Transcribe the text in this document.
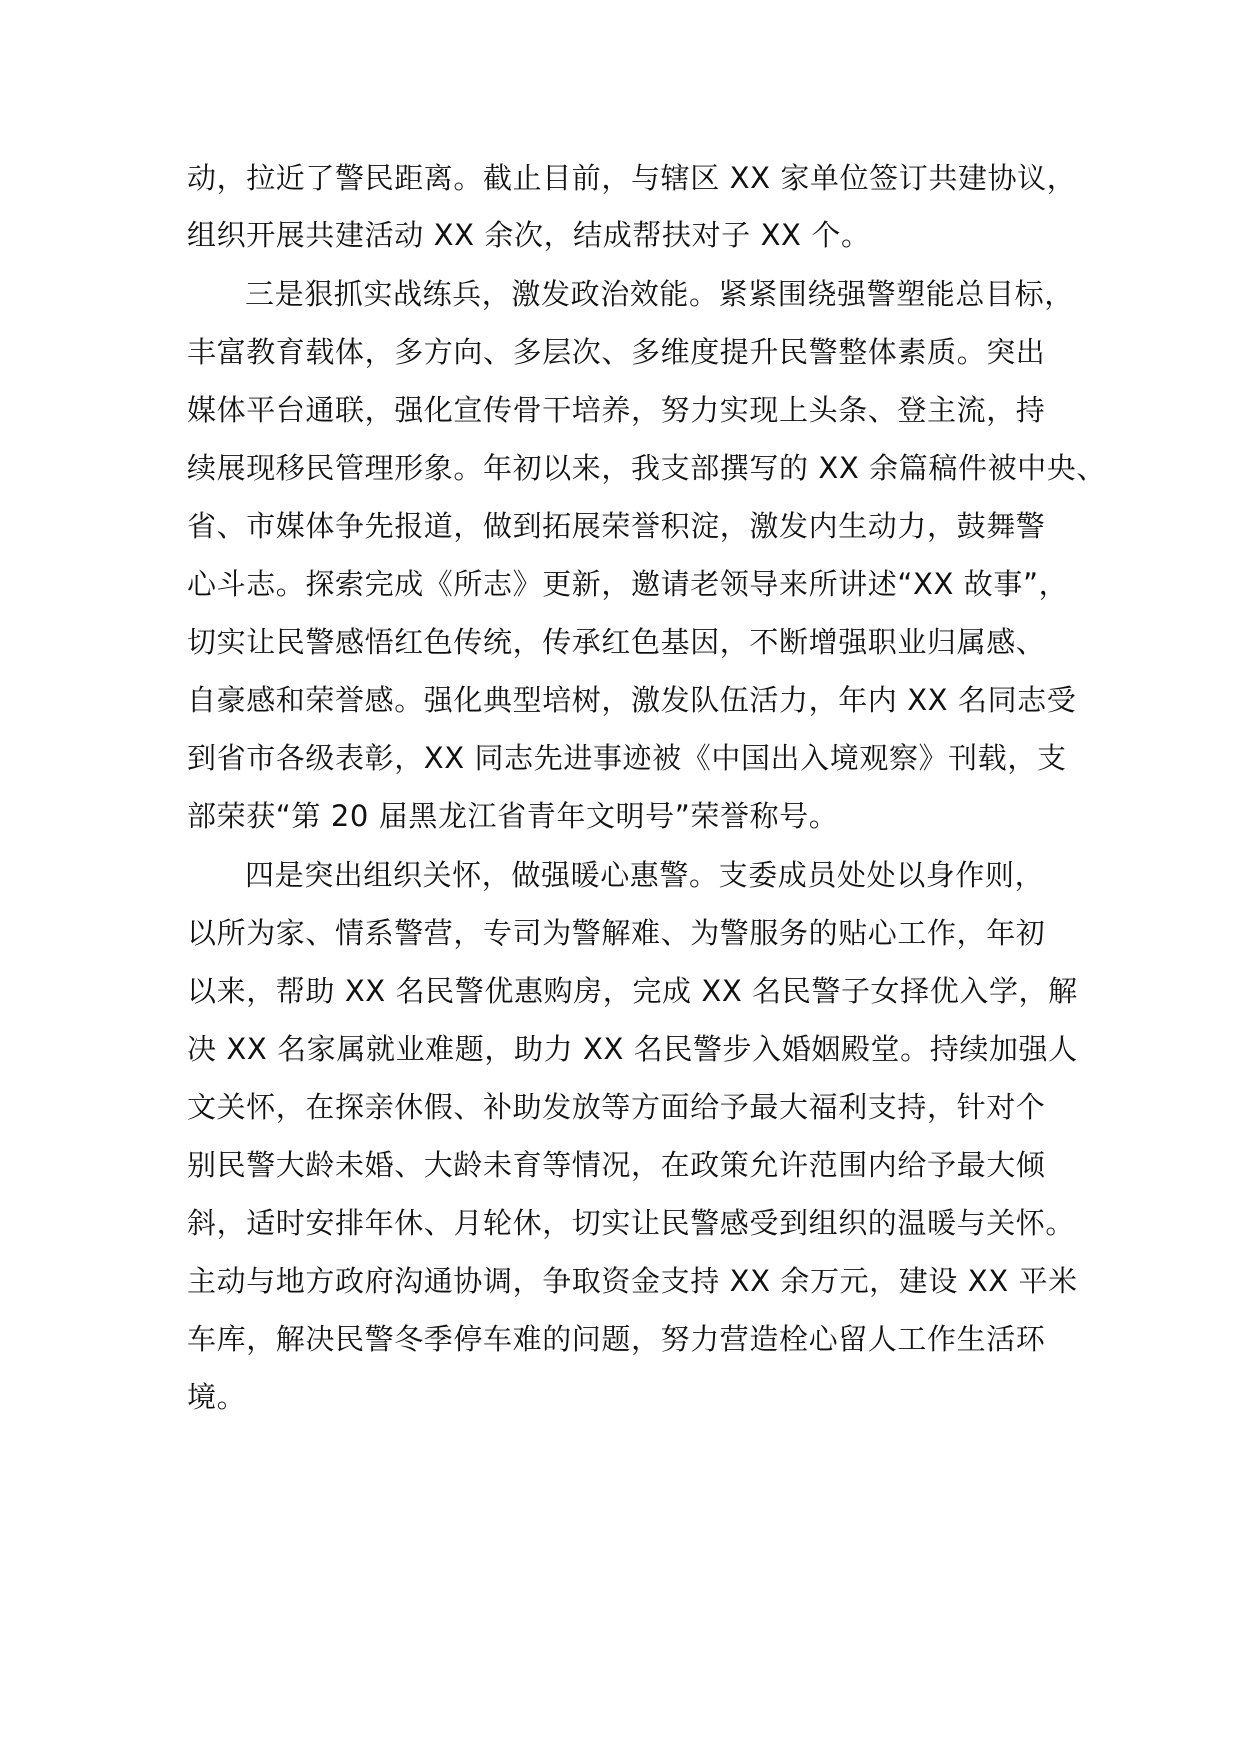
动，拉近了警民距离。截止目前，与辖区 XX 家单位签订共建协议，
组织开展共建活动 XX 余次，结成帮扶对子 XX 个。
三是狠抓实战练兵，激发政治效能。紧紧围绕强警塑能总目标，
丰富教育载体，多方向、多层次、多维度提升民警整体素质。突出
媒体平台通联，强化宣传骨干培养，努力实现上头条、登主流，持
续展现移民管理形象。年初以来，我支部撰写的 XX 余篇稿件被中央、
省、市媒体争先报道，做到拓展荣誉积淀，激发内生动力，鼓舞警
心斗志。探索完成《所志》更新，邀请老领导来所讲述“XX 故事”，
切实让民警感悟红色传统，传承红色基因，不断增强职业归属感、
自豪感和荣誉感。强化典型培树，激发队伍活力，年内 XX 名同志受
到省市各级表彰，XX 同志先进事迹被《中国出入境观察》刊载，支
部荣获“第 20 届黑龙江省青年文明号”荣誉称号。
四是突出组织关怀，做强暖心惠警。支委成员处处以身作则，
以所为家、情系警营，专司为警解难、为警服务的贴心工作，年初
以来，帮助 XX 名民警优惠购房，完成 XX 名民警子女择优入学，解
决 XX 名家属就业难题，助力 XX 名民警步入婚姻殿堂。持续加强人
文关怀，在探亲休假、补助发放等方面给予最大福利支持，针对个
别民警大龄未婚、大龄未育等情况，在政策允许范围内给予最大倾
斜，适时安排年休、月轮休，切实让民警感受到组织的温暖与关怀。
主动与地方政府沟通协调，争取资金支持 XX 余万元，建设 XX 平米
车库，解决民警冬季停车难的问题，努力营造栓心留人工作生活环
境。
